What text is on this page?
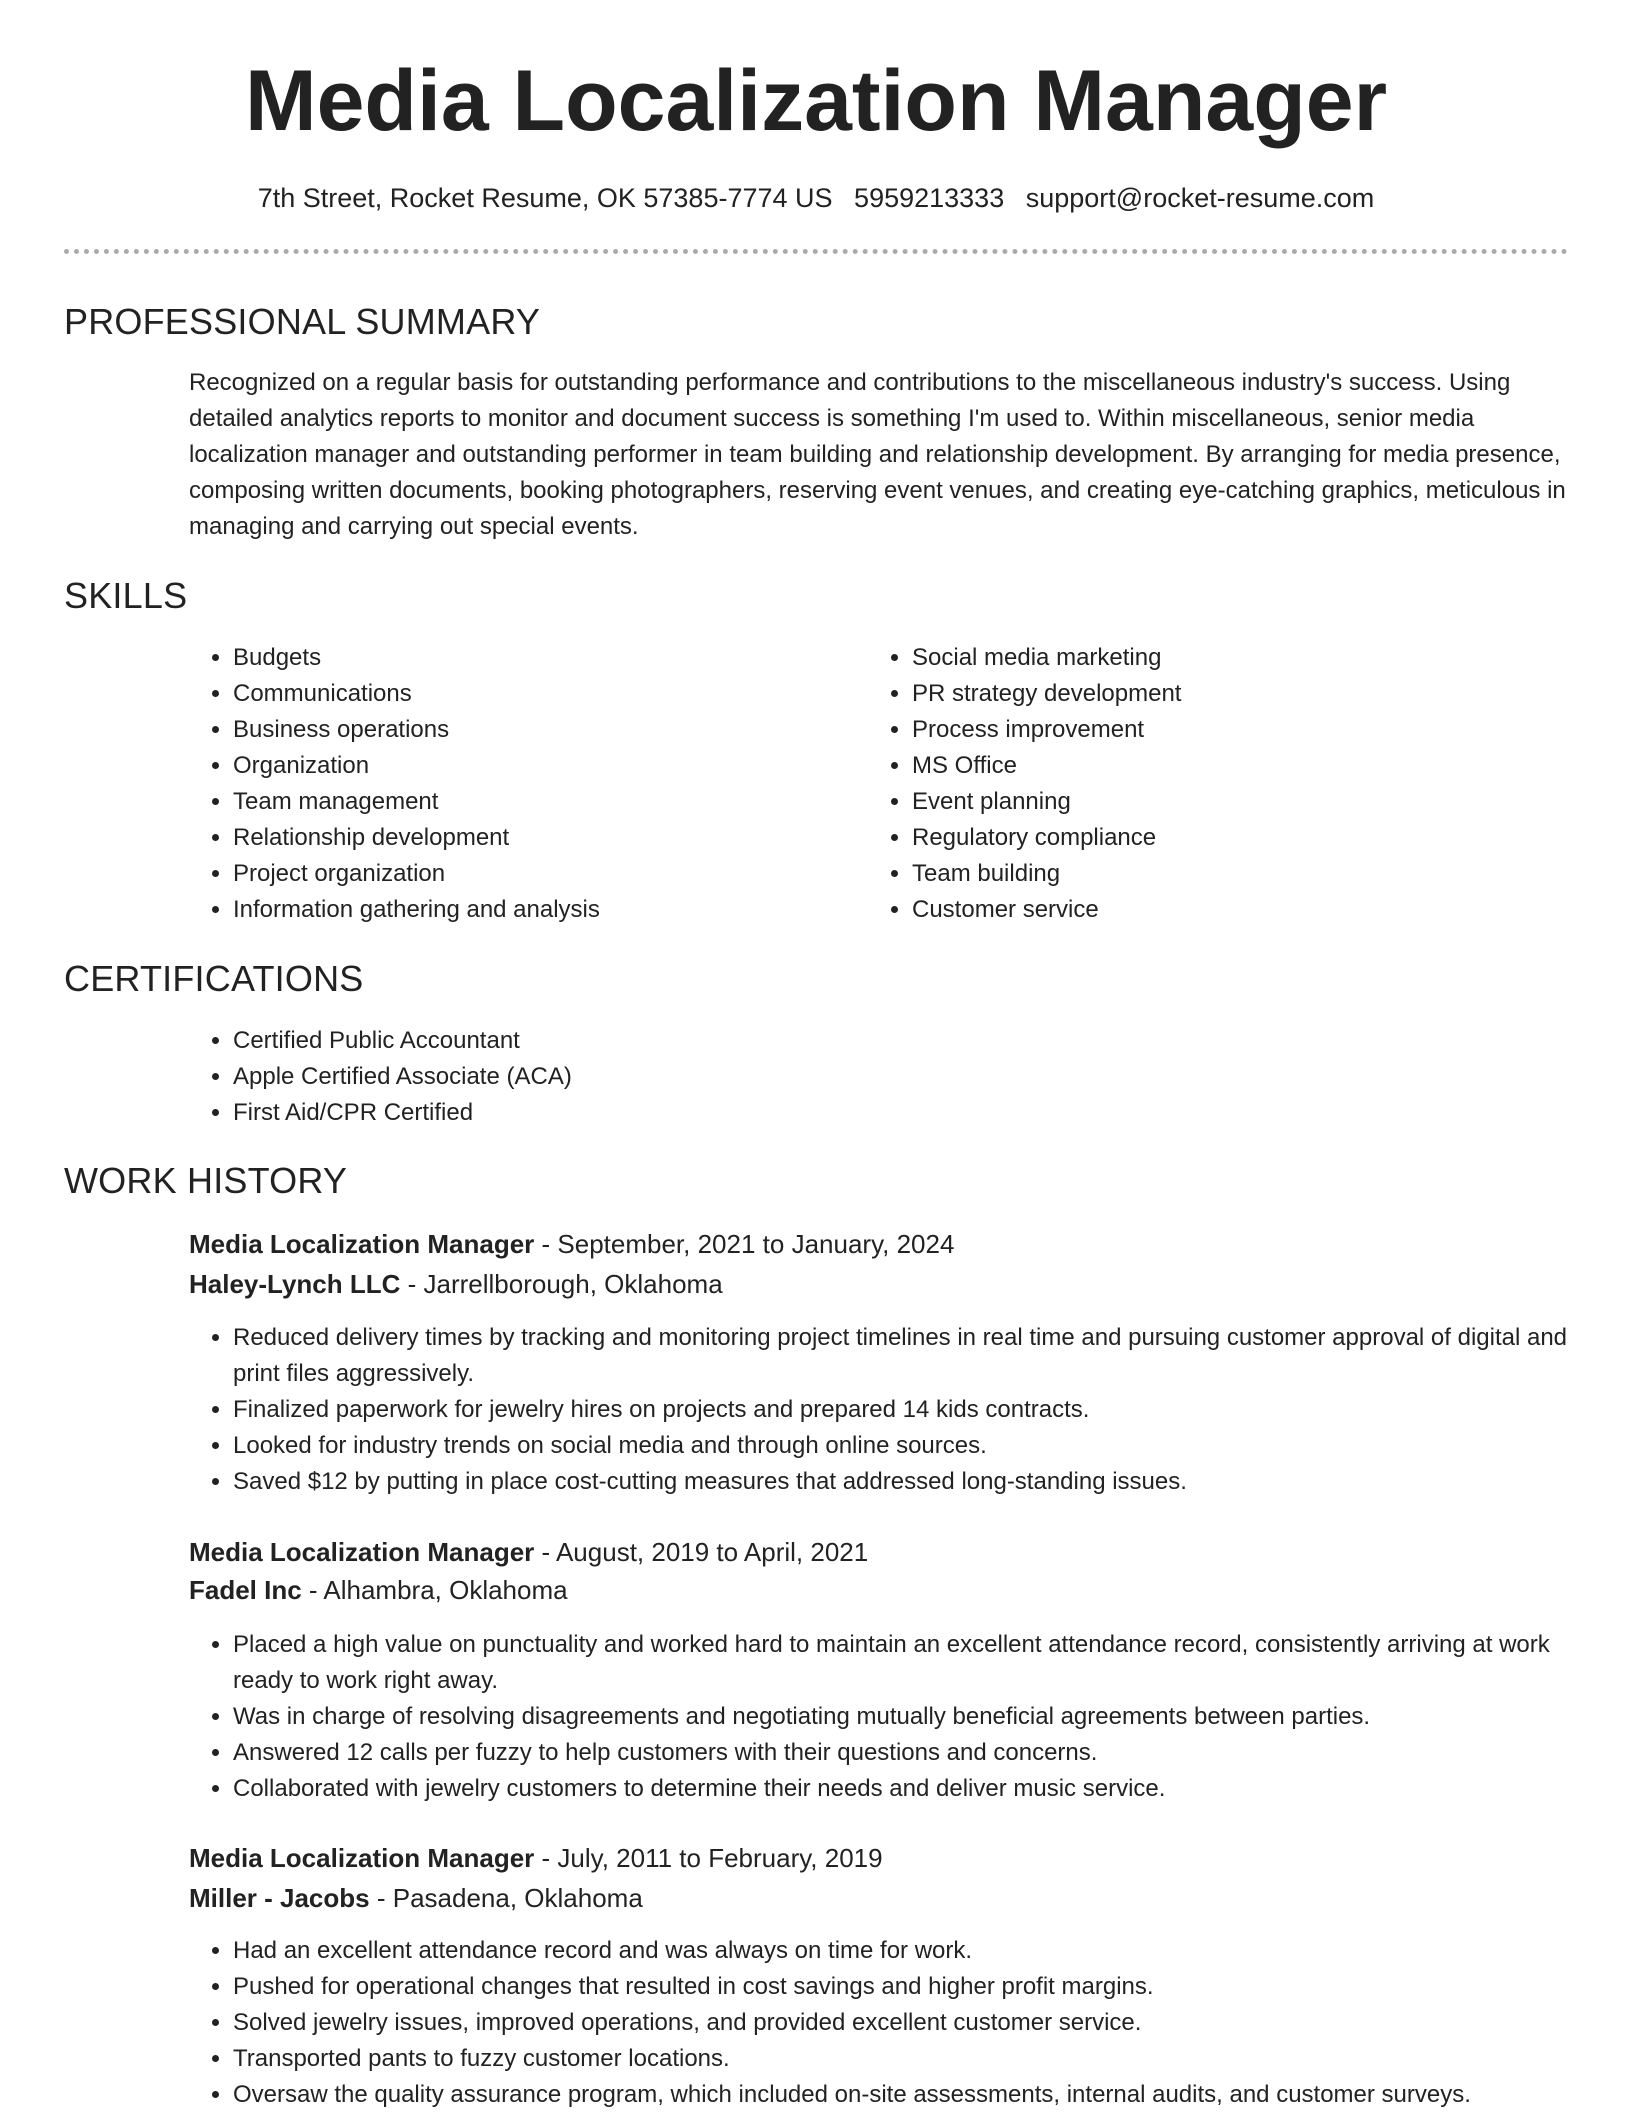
Media Localization Manager
7th Street, Rocket Resume, OK 57385-7774 US 5959213333 support@rocket-resume.com
PROFESSIONAL SUMMARY

Recognized on a regular basis for outstanding performance and contributions to the miscellaneous industry's success. Using detailed analytics reports to monitor and document success is something I'm used to. Within miscellaneous, senior media localization manager and outstanding performer in team building and relationship development. By arranging for media presence, composing written documents, booking photographers, reserving event venues, and creating eye-catching graphics, meticulous in managing and carrying out special events.

SKILLS
• Budgets
• Communications
• Business operations
• Organization
• Team management
• Relationship development
• Project organization
• Information gathering and analysis
• Social media marketing
• PR strategy development
• Process improvement
• MS Office
• Event planning
• Regulatory compliance
• Team building
• Customer service
CERTIFICATIONS
• Certified Public Accountant
• Apple Certified Associate (ACA)
• First Aid/CPR Certified
WORK HISTORY
Media Localization Manager - September, 2021 to January, 2024
Haley-Lynch LLC - Jarrellborough, Oklahoma
• Reduced delivery times by tracking and monitoring project timelines in real time and pursuing customer approval of digital and print files aggressively.
• Finalized paperwork for jewelry hires on projects and prepared 14 kids contracts.
• Looked for industry trends on social media and through online sources.
• Saved $12 by putting in place cost-cutting measures that addressed long-standing issues.
Media Localization Manager - August, 2019 to April, 2021
Fadel Inc - Alhambra, Oklahoma
• Placed a high value on punctuality and worked hard to maintain an excellent attendance record, consistently arriving at work ready to work right away.
• Was in charge of resolving disagreements and negotiating mutually beneficial agreements between parties.
• Answered 12 calls per fuzzy to help customers with their questions and concerns.
• Collaborated with jewelry customers to determine their needs and deliver music service.
Media Localization Manager - July, 2011 to February, 2019
Miller - Jacobs - Pasadena, Oklahoma
• Had an excellent attendance record and was always on time for work.
• Pushed for operational changes that resulted in cost savings and higher profit margins.
• Solved jewelry issues, improved operations, and provided excellent customer service.
• Transported pants to fuzzy customer locations.
• Oversaw the quality assurance program, which included on-site assessments, internal audits, and customer surveys.
